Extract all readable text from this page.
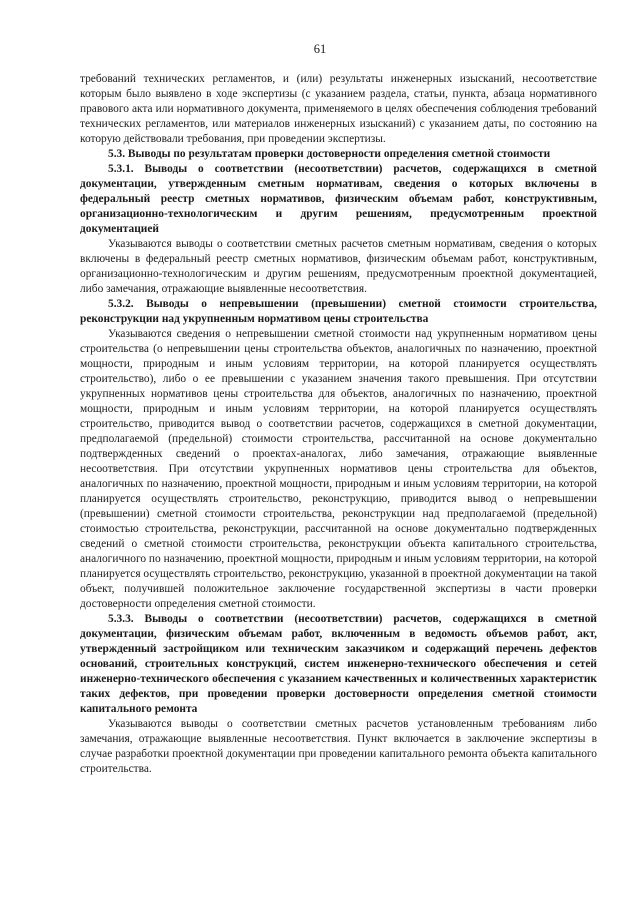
61

требований технических регламентов, и (или) результаты инженерных изысканий, несоответствие которым было выявлено в ходе экспертизы (с указанием раздела, статьи, пункта, абзаца нормативного правового акта или нормативного документа, применяемого в целях обеспечения соблюдения требований технических регламентов, или материалов инженерных изысканий) с указанием даты, по состоянию на которую действовали требования, при проведении экспертизы.

5.3. Выводы по результатам проверки достоверности определения сметной стоимости

5.3.1. Выводы о соответствии (несоответствии) расчетов, содержащихся в сметной документации, утвержденным сметным нормативам, сведения о которых включены в федеральный реестр сметных нормативов, физическим объемам работ, конструктивным, организационно-технологическим и другим решениям, предусмотренным проектной документацией

Указываются выводы о соответствии сметных расчетов сметным нормативам, сведения о которых включены в федеральный реестр сметных нормативов, физическим объемам работ, конструктивным, организационно-технологическим и другим решениям, предусмотренным проектной документацией, либо замечания, отражающие выявленные несоответствия.

5.3.2. Выводы о непревышении (превышении) сметной стоимости строительства, реконструкции над укрупненным нормативом цены строительства

Указываются сведения о непревышении сметной стоимости над укрупненным нормативом цены строительства (о непревышении цены строительства объектов, аналогичных по назначению, проектной мощности, природным и иным условиям территории, на которой планируется осуществлять строительство), либо о ее превышении с указанием значения такого превышения. При отсутствии укрупненных нормативов цены строительства для объектов, аналогичных по назначению, проектной мощности, природным и иным условиям территории, на которой планируется осуществлять строительство, приводится вывод о соответствии расчетов, содержащихся в сметной документации, предполагаемой (предельной) стоимости строительства, рассчитанной на основе документально подтвержденных сведений о проектах-аналогах, либо замечания, отражающие выявленные несоответствия. При отсутствии укрупненных нормативов цены строительства для объектов, аналогичных по назначению, проектной мощности, природным и иным условиям территории, на которой планируется осуществлять строительство, реконструкцию, приводится вывод о непревышении (превышении) сметной стоимости строительства, реконструкции над предполагаемой (предельной) стоимостью строительства, реконструкции, рассчитанной на основе документально подтвержденных сведений о сметной стоимости строительства, реконструкции объекта капитального строительства, аналогичного по назначению, проектной мощности, природным и иным условиям территории, на которой планируется осуществлять строительство, реконструкцию, указанной в проектной документации на такой объект, получившей положительное заключение государственной экспертизы в части проверки достоверности определения сметной стоимости.

5.3.3. Выводы о соответствии (несоответствии) расчетов, содержащихся в сметной документации, физическим объемам работ, включенным в ведомость объемов работ, акт, утвержденный застройщиком или техническим заказчиком и содержащий перечень дефектов оснований, строительных конструкций, систем инженерно-технического обеспечения и сетей инженерно-технического обеспечения с указанием качественных и количественных характеристик таких дефектов, при проведении проверки достоверности определения сметной стоимости капитального ремонта

Указываются выводы о соответствии сметных расчетов установленным требованиям либо замечания, отражающие выявленные несоответствия. Пункт включается в заключение экспертизы в случае разработки проектной документации при проведении капитального ремонта объекта капитального строительства.
